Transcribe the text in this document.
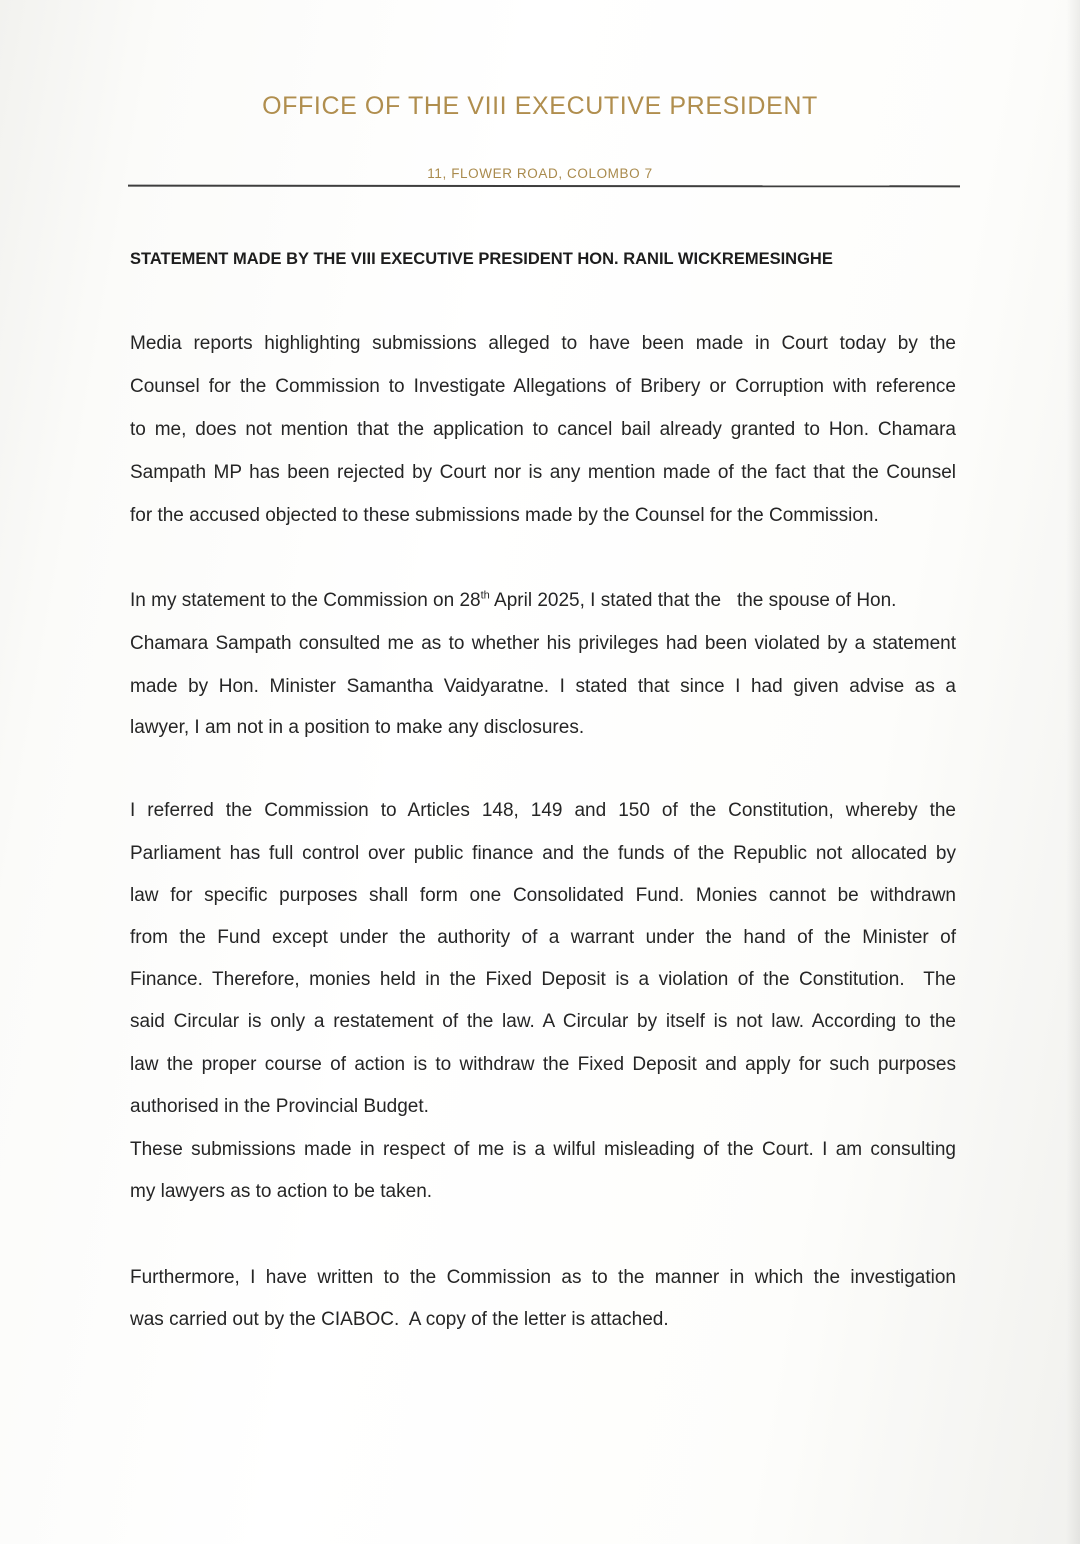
OFFICE OF THE VIII EXECUTIVE PRESIDENT
11, FLOWER ROAD, COLOMBO 7
STATEMENT MADE BY THE VIII EXECUTIVE PRESIDENT HON. RANIL WICKREMESINGHE
Media reports highlighting submissions alleged to have been made in Court today by the
Counsel for the Commission to Investigate Allegations of Bribery or Corruption with reference
to me, does not mention that the application to cancel bail already granted to Hon. Chamara
Sampath MP has been rejected by Court nor is any mention made of the fact that the Counsel
for the accused objected to these submissions made by the Counsel for the Commission.
In my statement to the Commission on 28th April 2025, I stated that the   the spouse of Hon.
Chamara Sampath consulted me as to whether his privileges had been violated by a statement
made by Hon. Minister Samantha Vaidyaratne. I stated that since I had given advise as a
lawyer, I am not in a position to make any disclosures.
I referred the Commission to Articles 148, 149 and 150 of the Constitution, whereby the
Parliament has full control over public finance and the funds of the Republic not allocated by
law for specific purposes shall form one Consolidated Fund. Monies cannot be withdrawn
from the Fund except under the authority of a warrant under the hand of the Minister of
Finance. Therefore, monies held in the Fixed Deposit is a violation of the Constitution.  The
said Circular is only a restatement of the law. A Circular by itself is not law. According to the
law the proper course of action is to withdraw the Fixed Deposit and apply for such purposes
authorised in the Provincial Budget.
These submissions made in respect of me is a wilful misleading of the Court. I am consulting
my lawyers as to action to be taken.
Furthermore, I have written to the Commission as to the manner in which the investigation
was carried out by the CIABOC.  A copy of the letter is attached.
